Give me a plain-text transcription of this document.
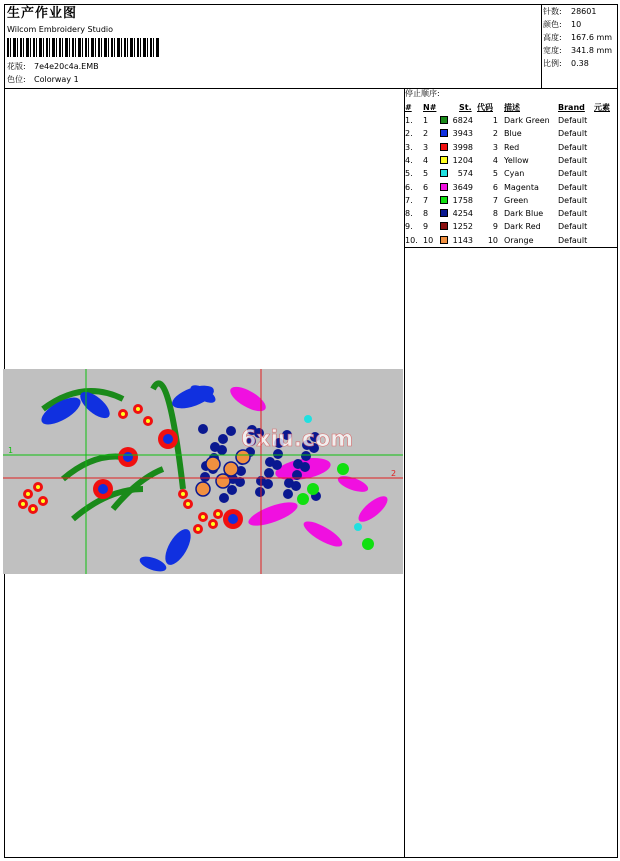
生产作业图
Wilcom Embroidery Studio
花版: 7e4e20c4a.EMB
色位: Colorway 1
针数: 28601
颜色: 10
高度: 167.6 mm
宽度: 341.8 mm
比例: 0.38
停止顺序:
# N#	St. 代码 描述	Brand 元素
1. 1	6824	1 Dark Green Default
2. 2	3943	2 Blue	Default
3. 3	3998	3 Red	Default
4. 4	1204	4 Yellow	Default
5. 5	574	5 Cyan	Default
6. 6	3649	6 Magenta Default
7. 7	1758	7 Green	Default
8. 8	4254	8 Dark Blue Default
9. 9	1252	9 Dark Red Default
10. 10 1143	10 Orange	Default
6xiu.com
1
2
